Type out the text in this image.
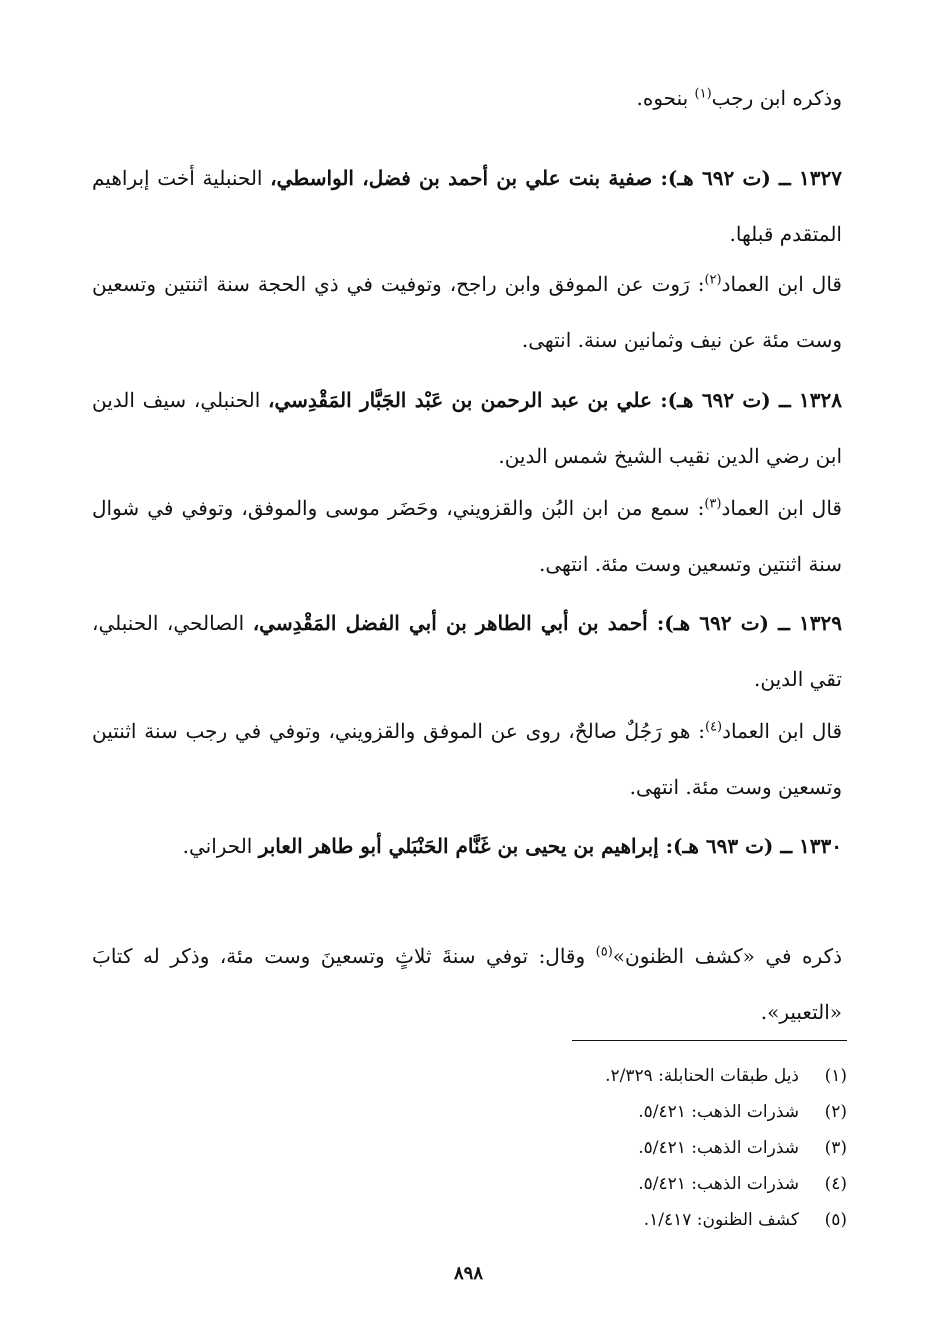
وذكره ابن رجب$^{(١)}$ بنحوه.

١٣٢٧ ــ (ت ٦٩٢ هـ): صفية بنت علي بن أحمد بن فضل، الواسطي، الحنبلية أخت إبراهيم المتقدم قبلها.

قال ابن العماد$^{(٢)}$: رَوت عن الموفق وابن راجح، وتوفيت في ذي الحجة سنة اثنتين وتسعين وست مئة عن نيف وثمانين سنة. انتهى.

١٣٢٨ ــ (ت ٦٩٢ هـ): علي بن عبد الرحمن بن عَبْد الجَبَّار المَقْدِسي، الحنبلي، سيف الدين ابن رضي الدين نقيب الشيخ شمس الدين.

قال ابن العماد$^{(٣)}$: سمع من ابن البُن والقزويني، وحَضَر موسى والموفق، وتوفي في شوال سنة اثنتين وتسعين وست مئة. انتهى.

١٣٢٩ ــ (ت ٦٩٢ هـ): أحمد بن أبي الطاهر بن أبي الفضل المَقْدِسي، الصالحي، الحنبلي، تقي الدين.

قال ابن العماد$^{(٤)}$: هو رَجُلٌ صالحٌ، روى عن الموفق والقزويني، وتوفي في رجب سنة اثنتين وتسعين وست مئة. انتهى.

١٣٣٠ ــ (ت ٦٩٣ هـ): إبراهيم بن يحيى بن غَنَّام الحَنْبَلي أبو طاهر العابر الحراني.

ذكره في «كشف الظنون»$^{(٥)}$ وقال: توفي سنةَ ثلاثٍ وتسعينَ وست مئة، وذكر له كتابَ «التعبير».

(١)
ذيل طبقات الحنابلة: ٢/٣٢٩.
(٢)
شذرات الذهب: ٥/٤٢١.
(٣)
شذرات الذهب: ٥/٤٢١.
(٤)
شذرات الذهب: ٥/٤٢١.
(٥)
كشف الظنون: ١/٤١٧.
٨٩٨
